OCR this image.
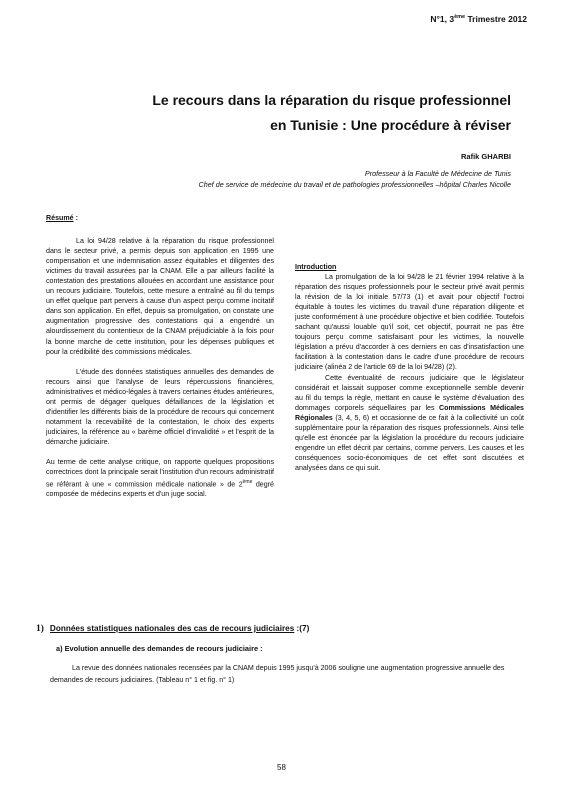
N°1, 3ème Trimestre 2012
Le recours dans la réparation du risque professionnel
en Tunisie : Une procédure à réviser
Rafik GHARBI
Professeur à la Faculté de Médecine de Tunis
Chef de service de médecine du travail et de pathologies professionnelles –hôpital Charles Nicolle

Résumé :

La loi 94/28 relative à la réparation du risque professionnel dans le secteur privé, a permis depuis son application en 1995 une compensation et une indemnisation assez équitables et diligentes des victimes du travail assurées par la CNAM. Elle a par ailleurs facilité la contestation des prestations allouées en accordant une assistance pour un recours judiciaire. Toutefois, cette mesure a entraîné au fil du temps un effet quelque part pervers à cause d'un aspect perçu comme incitatif dans son application. En effet, depuis sa promulgation, on constate une augmentation progressive des contestations qui a engendré un alourdissement du contentieux de la CNAM préjudiciable à la fois pour la bonne marche de cette institution, pour les dépenses publiques et pour la crédibilité des commissions médicales.

L'étude des données statistiques annuelles des demandes de recours ainsi que l'analyse de leurs répercussions financières, administratives et médico-légales à travers certaines études antérieures, ont permis de dégager quelques défaillances de la législation et d'identifier les différents biais de la procédure de recours qui concernent notamment la recevabilité de la contestation, le choix des experts judiciaires, la référence au « barème officiel d'invalidité » et l'esprit de la démarche judiciaire.

Au terme de cette analyse critique, on rapporte quelques propositions correctrices dont la principale serait l'institution d'un recours administratif se référant à une « commission médicale nationale » de 2ème degré composée de médecins experts et d'un juge social.

Introduction

La promulgation de la loi 94/28 le 21 février 1994 relative à la réparation des risques professionnels pour le secteur privé avait permis la révision de la loi initiale 57/73 (1) et avait pour objectif l'octroi équitable à toutes les victimes du travail d'une réparation diligente et juste conformément à une procédure objective et bien codifiée. Toutefois sachant qu'aussi louable qu'il soit, cet objectif, pourrait ne pas être toujours perçu comme satisfaisant pour les victimes, la nouvelle législation a prévu d'accorder à ces derniers en cas d'insatisfaction une facilitation à la contestation dans le cadre d'une procédure de recours judiciaire (alinéa 2 de l'article 69 de la loi 94/28) (2).

Cette éventualité de recours judiciaire que le législateur considérait et laissait supposer comme exceptionnelle semble devenir au fil du temps la règle, mettant en cause le système d'évaluation des dommages corporels séquellaires par les Commissions Médicales Régionales (3, 4, 5, 6) et occasionne de ce fait à la collectivité un coût supplémentaire pour la réparation des risques professionnels. Ainsi telle qu'elle est énoncée par la législation la procédure du recours judiciaire engendre un effet décrit par certains, comme pervers. Les causes et les conséquences socio-économiques de cet effet sont discutées et analysées dans ce qui suit.

1) Données statistiques nationales des cas de recours judiciaires :(7)
a) Evolution annuelle des demandes de recours judiciaire :

La revue des données nationales recensées par la CNAM depuis 1995 jusqu'à 2006 souligne une augmentation progressive annuelle des demandes de recours judiciaires. (Tableau n° 1 et fig. n° 1)

58
